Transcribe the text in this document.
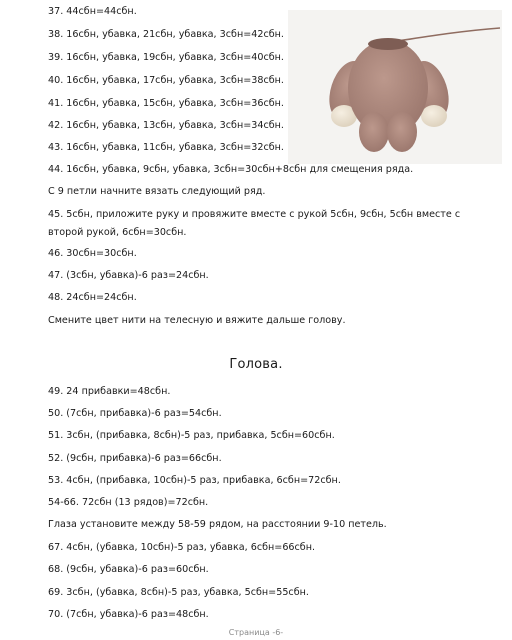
37. 44сбн=44сбн.
38. 16сбн, убавка, 21сбн, убавка, 3сбн=42сбн.
39. 16сбн, убавка, 19сбн, убавка, 3сбн=40сбн.
40. 16сбн, убавка, 17сбн, убавка, 3сбн=38сбн.
41. 16сбн, убавка, 15сбн, убавка, 3сбн=36сбн.
42. 16сбн, убавка, 13сбн, убавка, 3сбн=34сбн.
43. 16сбн, убавка, 11сбн, убавка, 3сбн=32сбн.
44. 16сбн, убавка, 9сбн, убавка, 3сбн=30сбн+8сбн для смещения ряда.
С 9 петли начните вязать следующий ряд.
45. 5сбн, приложите руку и провяжите вместе с рукой 5сбн, 9сбн, 5сбн вместе с второй рукой, 6сбн=30сбн.
46. 30сбн=30сбн.
47. (3сбн, убавка)-6 раз=24сбн.
48. 24сбн=24сбн.
Смените цвет нити на телесную и вяжите дальше голову.
Голова.
49. 24 прибавки=48сбн.
50. (7сбн, прибавка)-6 раз=54сбн.
51. 3сбн, (прибавка, 8сбн)-5 раз, прибавка, 5сбн=60сбн.
52. (9сбн, прибавка)-6 раз=66сбн.
53. 4сбн, (прибавка, 10сбн)-5 раз, прибавка, 6сбн=72сбн.
54-66. 72сбн (13 рядов)=72сбн.
Глаза установите между 58-59 рядом, на расстоянии 9-10 петель.
67. 4сбн, (убавка, 10сбн)-5 раз, убавка, 6сбн=66сбн.
68. (9сбн, убавка)-6 раз=60сбн.
69. 3сбн, (убавка, 8сбн)-5 раз, убавка, 5сбн=55сбн.
70. (7сбн, убавка)-6 раз=48сбн.
Страница -6-
